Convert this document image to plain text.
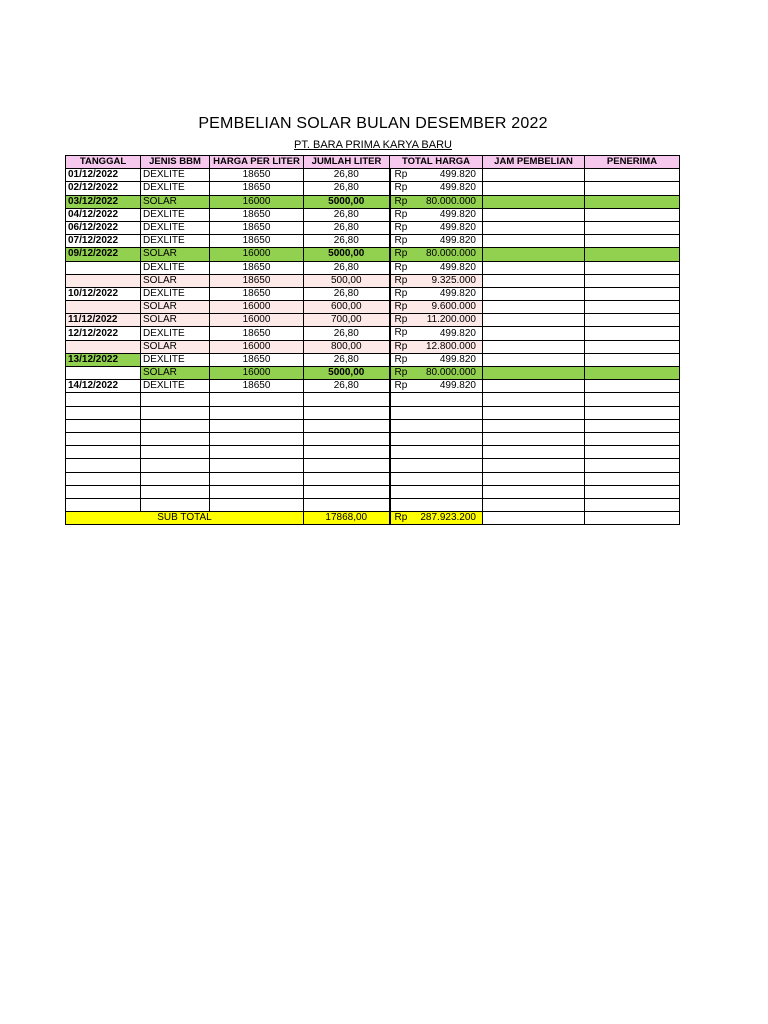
PEMBELIAN SOLAR BULAN DESEMBER 2022
PT. BARA PRIMA KARYA BARU
TANGGAL	JENIS BBM	HARGA PER LITER	JUMLAH LITER	TOTAL HARGA	JAM PEMBELIAN	PENERIMA
01/12/2022	DEXLITE	18650	26,80	Rp 499.820		
02/12/2022	DEXLITE	18650	26,80	Rp 499.820		
03/12/2022	SOLAR	16000	5000,00	Rp 80.000.000		
04/12/2022	DEXLITE	18650	26,80	Rp 499.820		
06/12/2022	DEXLITE	18650	26,80	Rp 499.820		
07/12/2022	DEXLITE	18650	26,80	Rp 499.820		
09/12/2022	SOLAR	16000	5000,00	Rp 80.000.000		
	DEXLITE	18650	26,80	Rp 499.820		
	SOLAR	18650	500,00	Rp 9.325.000		
10/12/2022	DEXLITE	18650	26,80	Rp 499.820		
	SOLAR	16000	600,00	Rp 9.600.000		
11/12/2022	SOLAR	16000	700,00	Rp 11.200.000		
12/12/2022	DEXLITE	18650	26,80	Rp 499.820		
	SOLAR	16000	800,00	Rp 12.800.000		
13/12/2022	DEXLITE	18650	26,80	Rp 499.820		
	SOLAR	16000	5000,00	Rp 80.000.000		
14/12/2022	DEXLITE	18650	26,80	Rp 499.820		

SUB TOTAL			17868,00	Rp 287.923.200		
